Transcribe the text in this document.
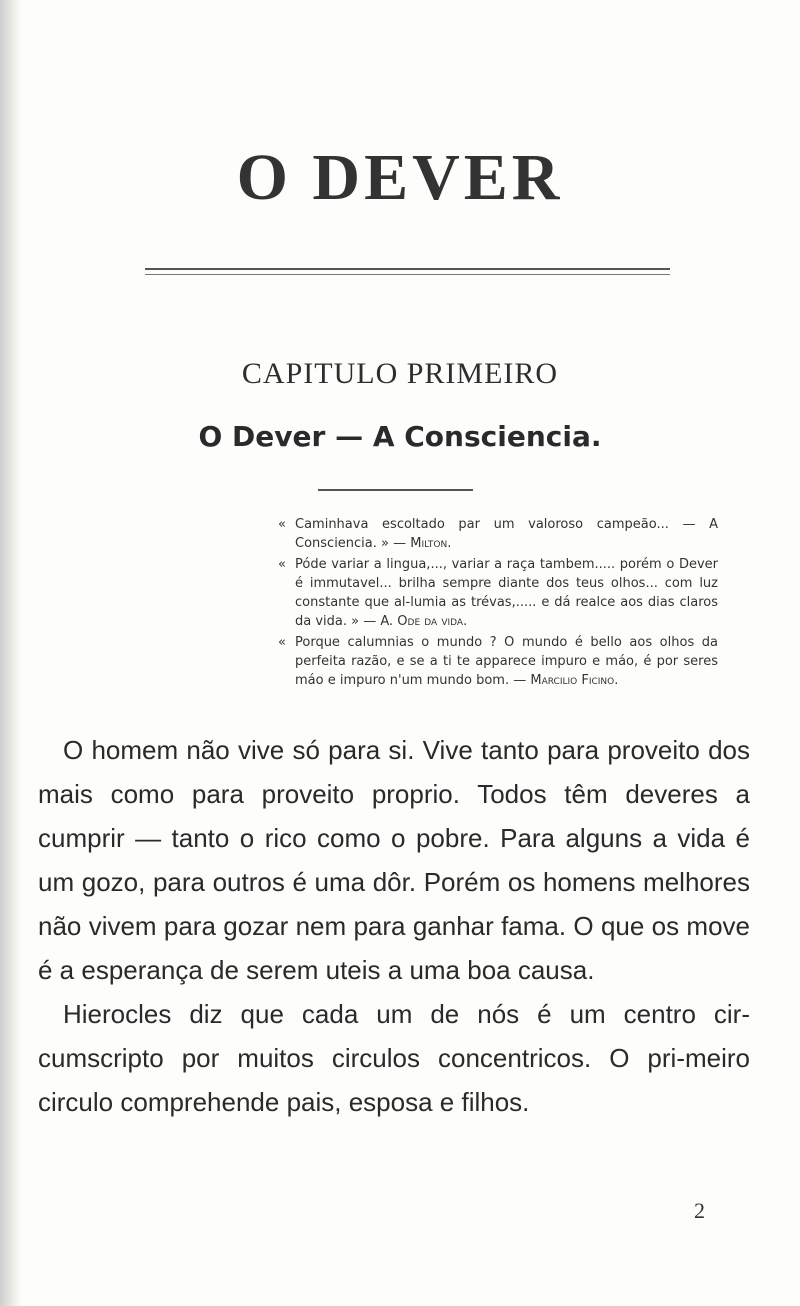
O DEVER
CAPITULO PRIMEIRO
O Dever — A Consciencia.

« Caminhava escoltado par um valoroso campeão... — A Consciencia. » — Milton.

« Póde variar a lingua,..., variar a raça tambem..... porém o Dever é immutavel... brilha sempre diante dos teus olhos... com luz constante que al-lumia as trévas,..... e dá realce aos dias claros da vida. » — A. Ode da vida.

« Porque calumnias o mundo ? O mundo é bello aos olhos da perfeita razão, e se a ti te apparece impuro e máo, é por seres máo e impuro n'um mundo bom. — Marcilio Ficino.

O homem não vive só para si. Vive tanto para proveito dos mais como para proveito proprio. Todos têm deveres a cumprir — tanto o rico como o pobre. Para alguns a vida é um gozo, para outros é uma dôr. Porém os homens melhores não vivem para gozar nem para ganhar fama. O que os move é a esperança de serem uteis a uma boa causa.

Hierocles diz que cada um de nós é um centro cir-cumscripto por muitos circulos concentricos. O pri-meiro circulo comprehende pais, esposa e filhos.

2
